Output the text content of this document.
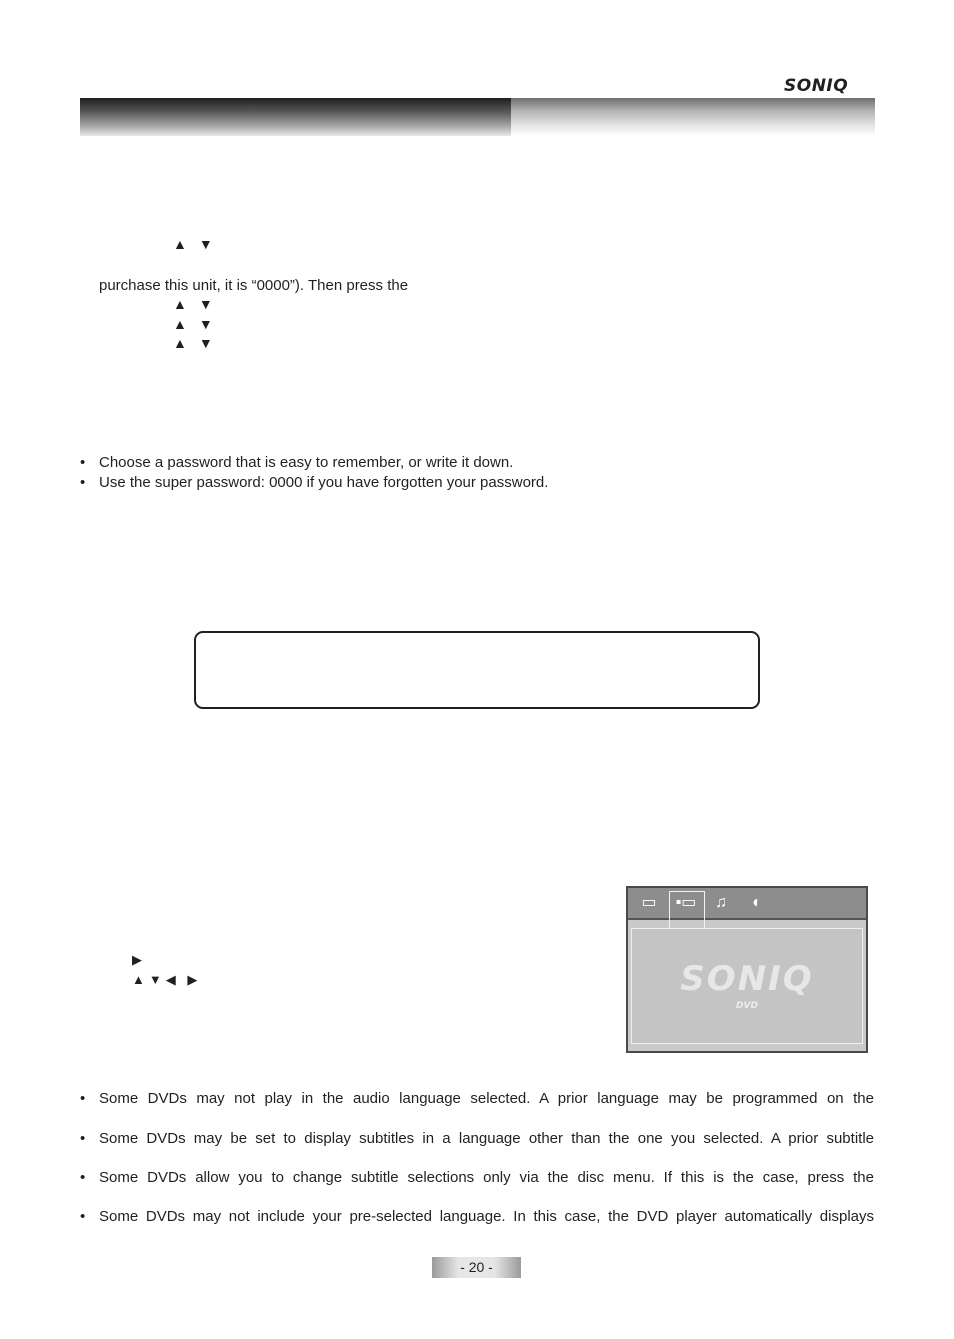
SONIQ
▲▼
purchase this unit, it is “0000”). Then press the
▲▼
▲▼
▲▼
• Choose a password that is easy to remember, or write it down.
• Use the super password: 0000 if you have forgotten your password.
▶
▲▼◀ ▶
▭	▪▭	♫	◐
SONIQ
DVD
• Some DVDs may not play in the audio language selected. A prior language may be programmed on the
• Some DVDs may be set to display subtitles in a language other than the one you selected. A prior subtitle
• Some DVDs allow you to change subtitle selections only via the disc menu. If this is the case, press the
• Some DVDs may not include your pre-selected language. In this case, the DVD player automatically displays
- 20 -
